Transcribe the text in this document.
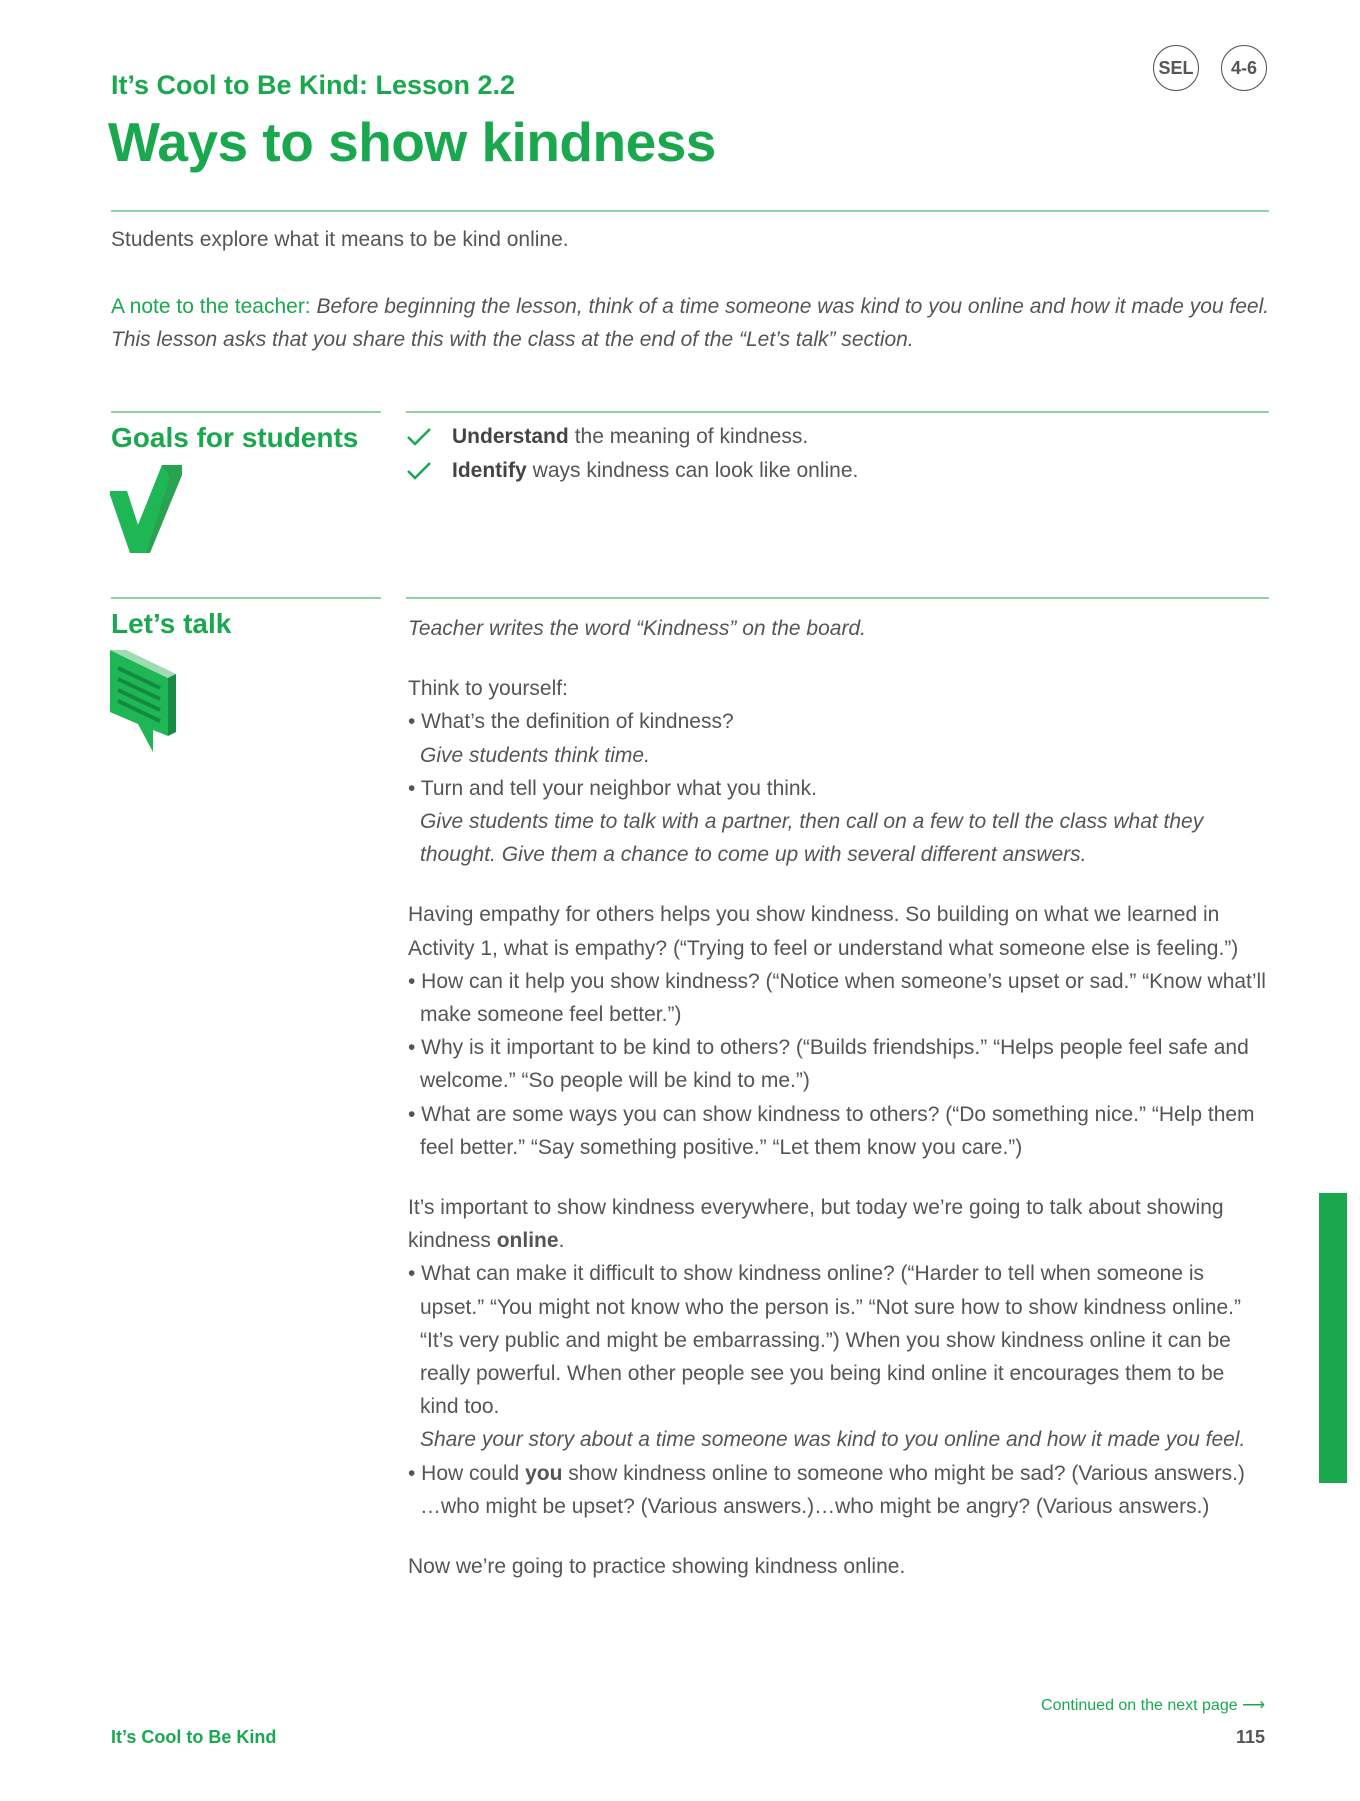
SEL	4-6
It’s Cool to Be Kind: Lesson 2.2
Ways to show kindness
Students explore what it means to be kind online.
A note to the teacher: Before beginning the lesson, think of a time someone was kind to you online and how it made you feel. This lesson asks that you share this with the class at the end of the “Let’s talk” section.
Goals for students	Understand the meaning of kindness.
Identify ways kindness can look like online.
Let’s talk	Teacher writes the word “Kindness” on the board.

Think to yourself:

• What’s the definition of kindness?

Give students think time.

• Turn and tell your neighbor what you think.

Give students time to talk with a partner, then call on a few to tell the class what they thought. Give them a chance to come up with several different answers.

Having empathy for others helps you show kindness. So building on what we learned in Activity 1, what is empathy? (“Trying to feel or understand what someone else is feeling.”)

• How can it help you show kindness? (“Notice when someone’s upset or sad.” “Know what’ll make someone feel better.”)

• Why is it important to be kind to others? (“Builds friendships.” “Helps people feel safe and welcome.” “So people will be kind to me.”)

• What are some ways you can show kindness to others? (“Do something nice.” “Help them feel better.” “Say something positive.” “Let them know you care.”)

It’s important to show kindness everywhere, but today we’re going to talk about showing kindness online.

• What can make it difficult to show kindness online? (“Harder to tell when someone is upset.” “You might not know who the person is.” “Not sure how to show kindness online.” “It’s very public and might be embarrassing.”) When you show kindness online it can be really powerful. When other people see you being kind online it encourages them to be kind too.

Share your story about a time someone was kind to you online and how it made you feel.

• How could you show kindness online to someone who might be sad? (Various answers.) …who might be upset? (Various answers.)…who might be angry? (Various answers.)

Now we’re going to practice showing kindness online.

Continued on the next page ⟶
It’s Cool to Be Kind	115
